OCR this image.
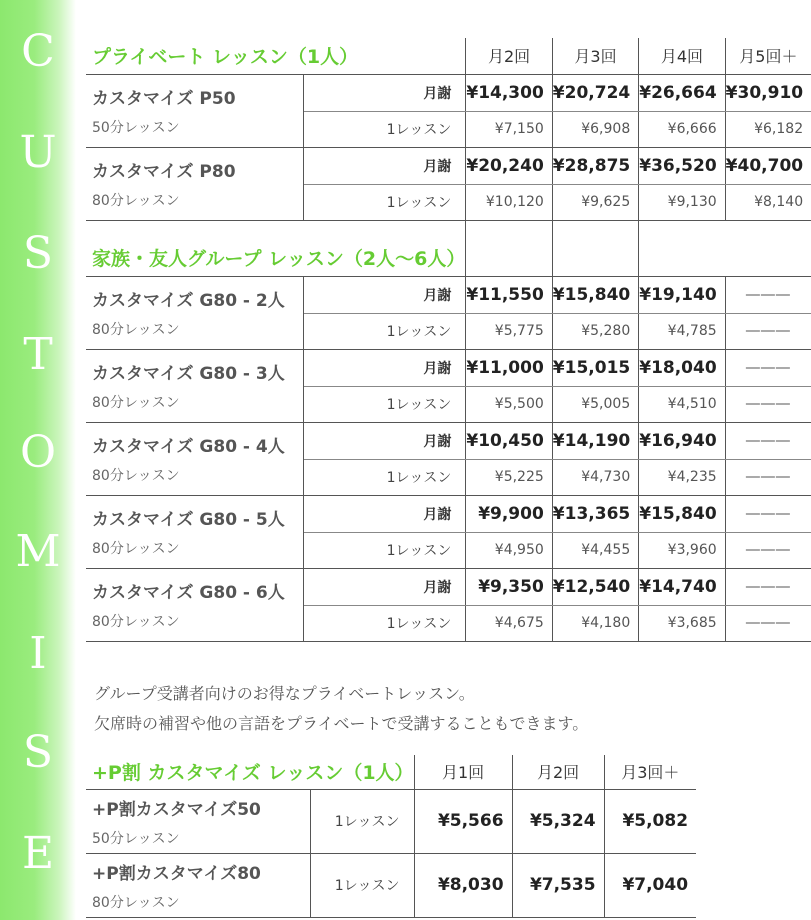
C
U
S
T
O
M
I
S
E
プライベート レッスン（1人）			月2回	月3回	月4回	月5回＋

カスタマイズ P50
50分レッスン	月謝		¥14,300	¥20,724	¥26,664	¥30,910
	1レッスン		¥7,150	¥6,908	¥6,666	¥6,182

カスタマイズ P80
80分レッスン	月謝		¥20,240	¥28,875	¥36,520	¥40,700
	1レッスン		¥10,120	¥9,625	¥9,130	¥8,140

家族・友人グループ レッスン（2人〜6人）						

カスタマイズ G80 - 2人
80分レッスン	月謝		¥11,550	¥15,840	¥19,140	―――
	1レッスン		¥5,775	¥5,280	¥4,785	―――

カスタマイズ G80 - 3人
80分レッスン	月謝		¥11,000	¥15,015	¥18,040	―――
	1レッスン		¥5,500	¥5,005	¥4,510	―――

カスタマイズ G80 - 4人
80分レッスン	月謝		¥10,450	¥14,190	¥16,940	―――
	1レッスン		¥5,225	¥4,730	¥4,235	―――

カスタマイズ G80 - 5人
80分レッスン	月謝		¥9,900	¥13,365	¥15,840	―――
	1レッスン		¥4,950	¥4,455	¥3,960	―――

カスタマイズ G80 - 6人
80分レッスン	月謝		¥9,350	¥12,540	¥14,740	―――
	1レッスン		¥4,675	¥4,180	¥3,685	―――
グループ受講者向けのお得なプライベートレッスン。
欠席時の補習や他の言語をプライベートで受講することもできます。
+P割 カスタマイズ レッスン（1人）		月1回	月2回	月3回＋

+P割カスタマイズ50
50分レッスン	1レッスン	¥5,566	¥5,324	¥5,082

+P割カスタマイズ80
80分レッスン	1レッスン	¥8,030	¥7,535	¥7,040
